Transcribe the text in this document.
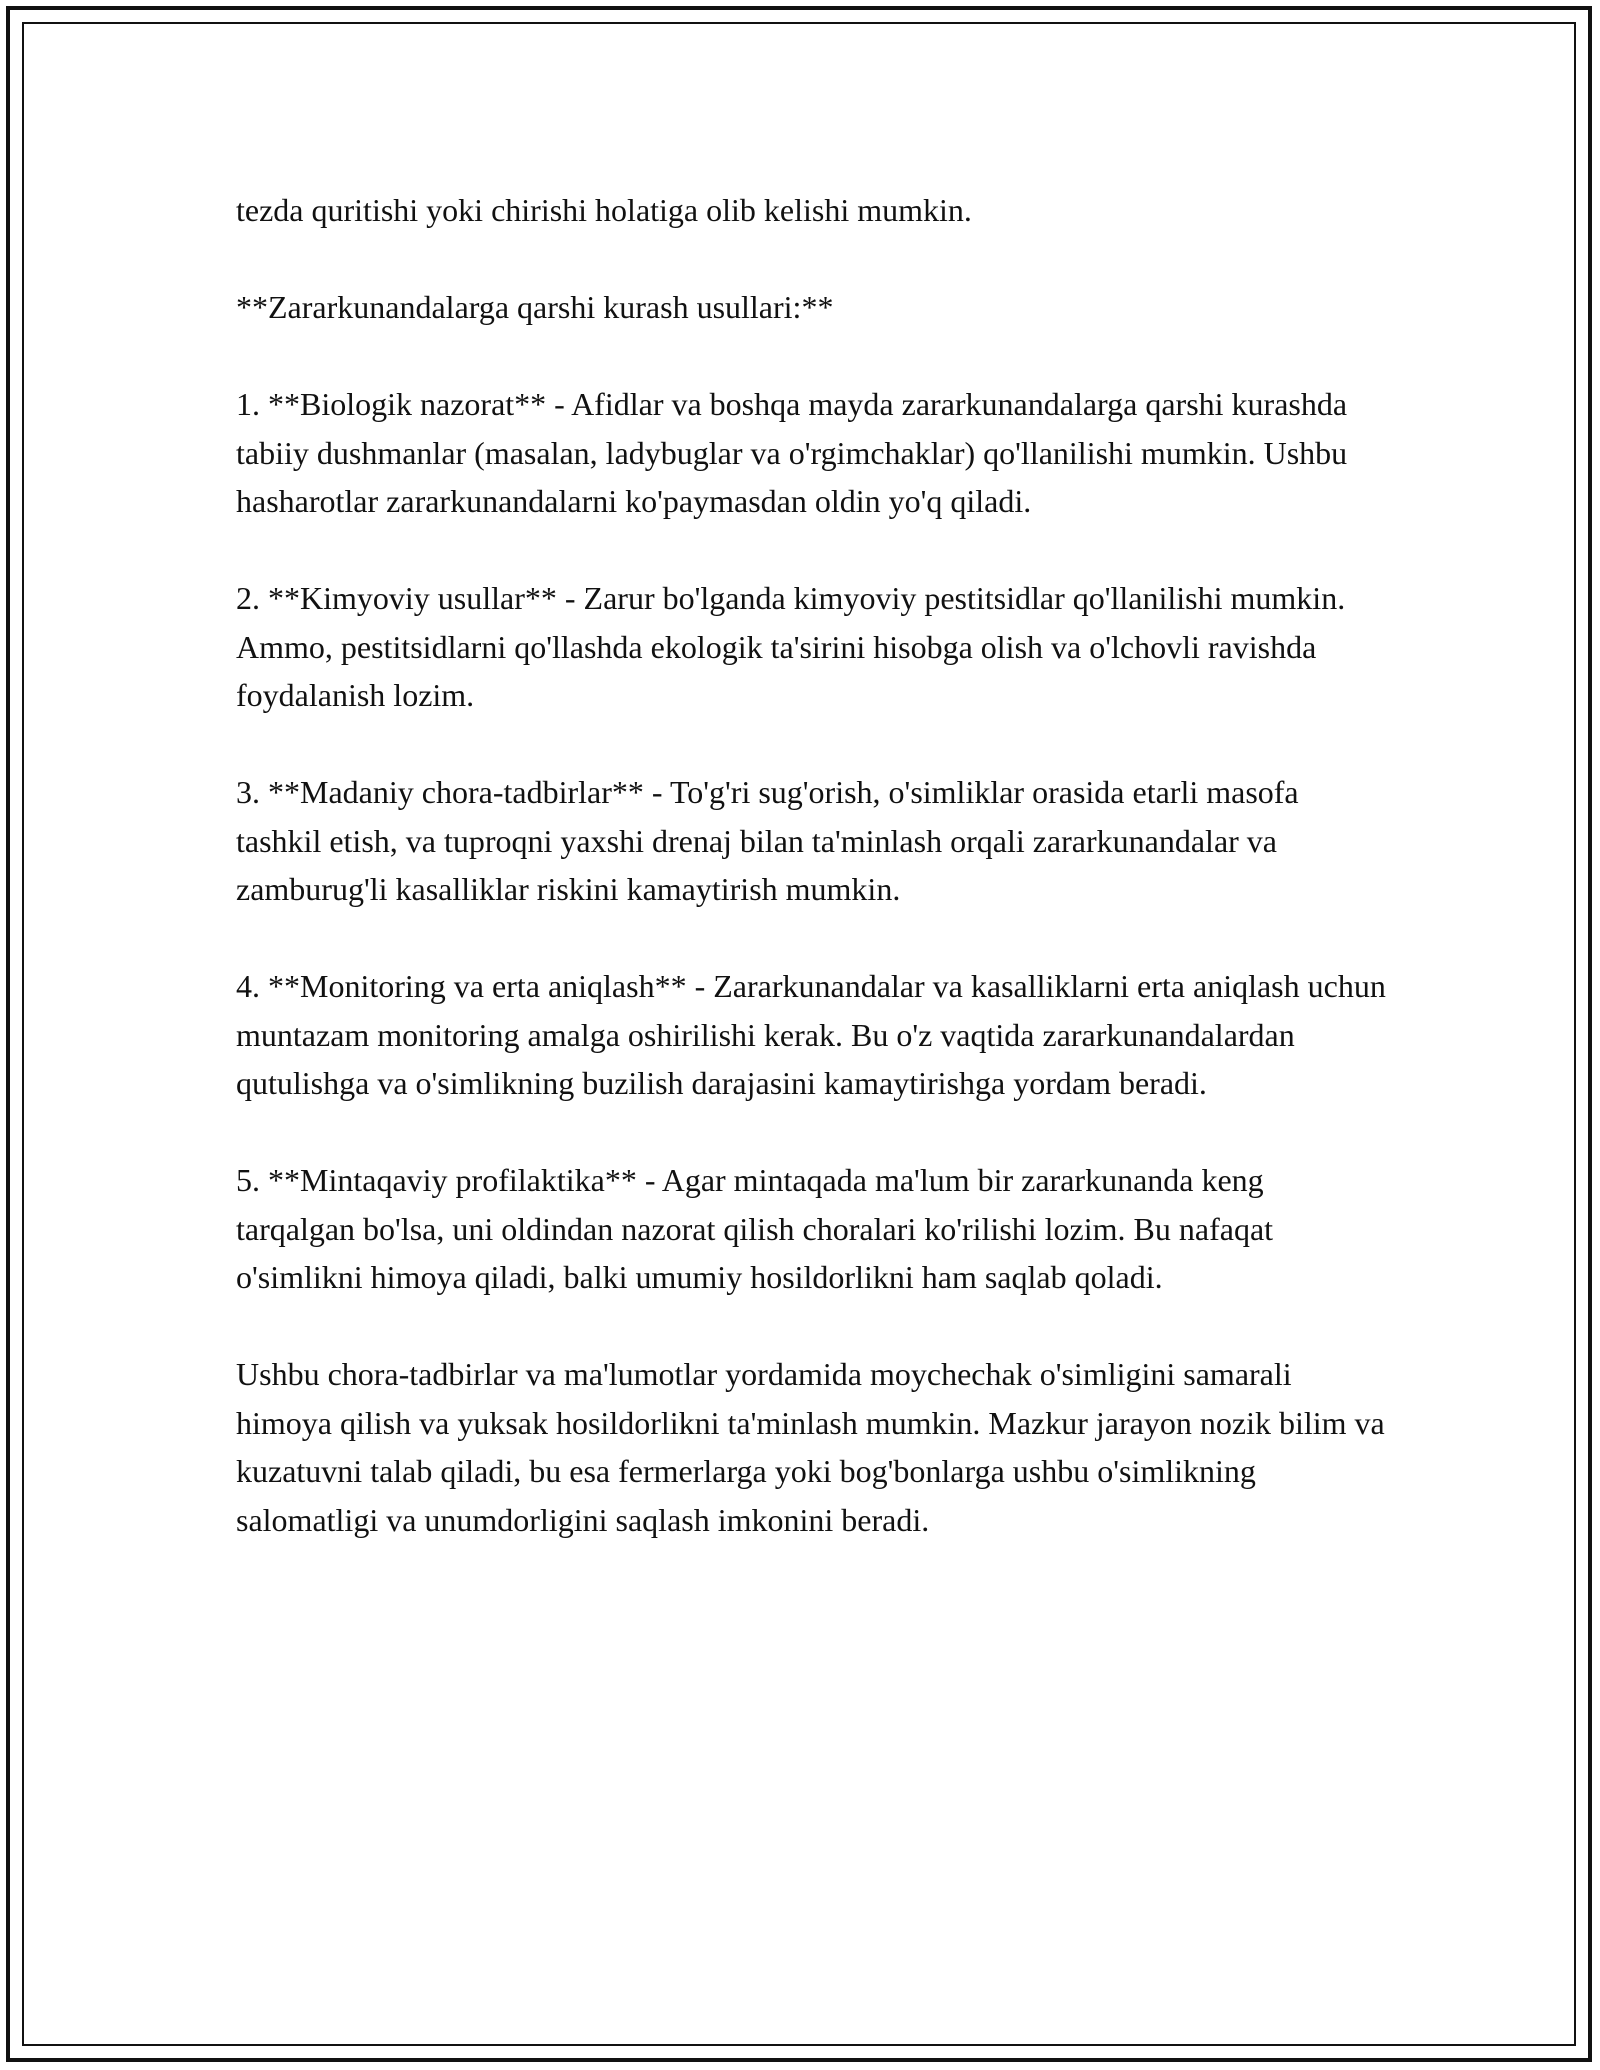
tezda quritishi yoki chirishi holatiga olib kelishi mumkin.

**Zararkunandalarga qarshi kurash usullari:**

1. **Biologik nazorat** - Afidlar va boshqa mayda zararkunandalarga qarshi kurashda tabiiy dushmanlar (masalan, ladybuglar va o'rgimchaklar) qo'llanilishi mumkin. Ushbu hasharotlar zararkunandalarni ko'paymasdan oldin yo'q qiladi.

2. **Kimyoviy usullar** - Zarur bo'lganda kimyoviy pestitsidlar qo'llanilishi mumkin. Ammo, pestitsidlarni qo'llashda ekologik ta'sirini hisobga olish va o'lchovli ravishda foydalanish lozim.

3. **Madaniy chora-tadbirlar** - To'g'ri sug'orish, o'simliklar orasida etarli masofa tashkil etish, va tuproqni yaxshi drenaj bilan ta'minlash orqali zararkunandalar va zamburug'li kasalliklar riskini kamaytirish mumkin.

4. **Monitoring va erta aniqlash** - Zararkunandalar va kasalliklarni erta aniqlash uchun muntazam monitoring amalga oshirilishi kerak. Bu o'z vaqtida zararkunandalardan qutulishga va o'simlikning buzilish darajasini kamaytirishga yordam beradi.

5. **Mintaqaviy profilaktika** - Agar mintaqada ma'lum bir zararkunanda keng tarqalgan bo'lsa, uni oldindan nazorat qilish choralari ko'rilishi lozim. Bu nafaqat o'simlikni himoya qiladi, balki umumiy hosildorlikni ham saqlab qoladi.

Ushbu chora-tadbirlar va ma'lumotlar yordamida moychechak o'simligini samarali himoya qilish va yuksak hosildorlikni ta'minlash mumkin. Mazkur jarayon nozik bilim va kuzatuvni talab qiladi, bu esa fermerlarga yoki bog'bonlarga ushbu o'simlikning salomatligi va unumdorligini saqlash imkonini beradi.
